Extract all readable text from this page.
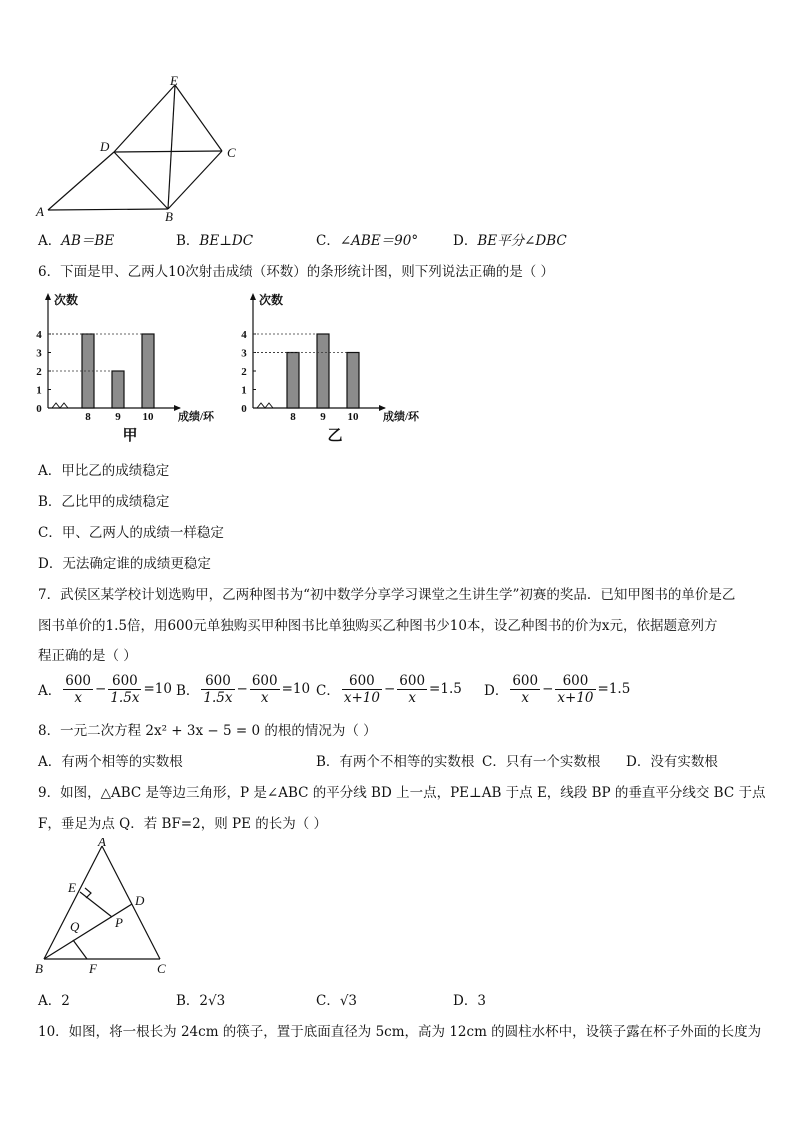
E
D	C
A	B
A．AB＝BE	B．BE⊥DC	C．∠ABE＝90°	D．BE平分∠DBC
6．下面是甲、乙两人10次射击成绩（环数）的条形统计图，则下列说法正确的是（ ）
次数
0
1
2
3
4
8 9 10 成绩/环
甲
次数
0
1
2
3
4
8 9 10 成绩/环
乙
A．甲比乙的成绩稳定
B．乙比甲的成绩稳定
C．甲、乙两人的成绩一样稳定
D．无法确定谁的成绩更稳定
7．武侯区某学校计划选购甲，乙两种图书为“初中数学分享学习课堂之生讲生学”初赛的奖品．已知甲图书的单价是乙
图书单价的1.5倍，用600元单独购买甲种图书比单独购买乙种图书少10本，设乙种图书的价为x元，依据题意列方
程正确的是（ ）
A． $\frac{600}{x} - \frac{600}{1.5x} =10$ B． $\frac{600}{1.5x} - \frac{600}{x} =10$ C． $\frac{600}{x+10} - \frac{600}{x} =1.5$ D． $\frac{600}{x} - \frac{600}{x+10} =1.5$
8．一元二次方程 2x² + 3x − 5 = 0 的根的情况为（ ）
A．有两个相等的实数根	B．有两个不相等的实数根 C．只有一个实数根 D．没有实数根
9．如图，△ABC 是等边三角形，P 是∠ABC 的平分线 BD 上一点，PE⊥AB 于点 E，线段 BP 的垂直平分线交 BC 于点
F，垂足为点 Q．若 BF=2，则 PE 的长为（ ）
A
E
D
Q	P
B	F	C
A．2	B．2√3	C．√3	D．3
10．如图，将一根长为 24cm 的筷子，置于底面直径为 5cm，高为 12cm 的圆柱水杯中，设筷子露在杯子外面的长度为
